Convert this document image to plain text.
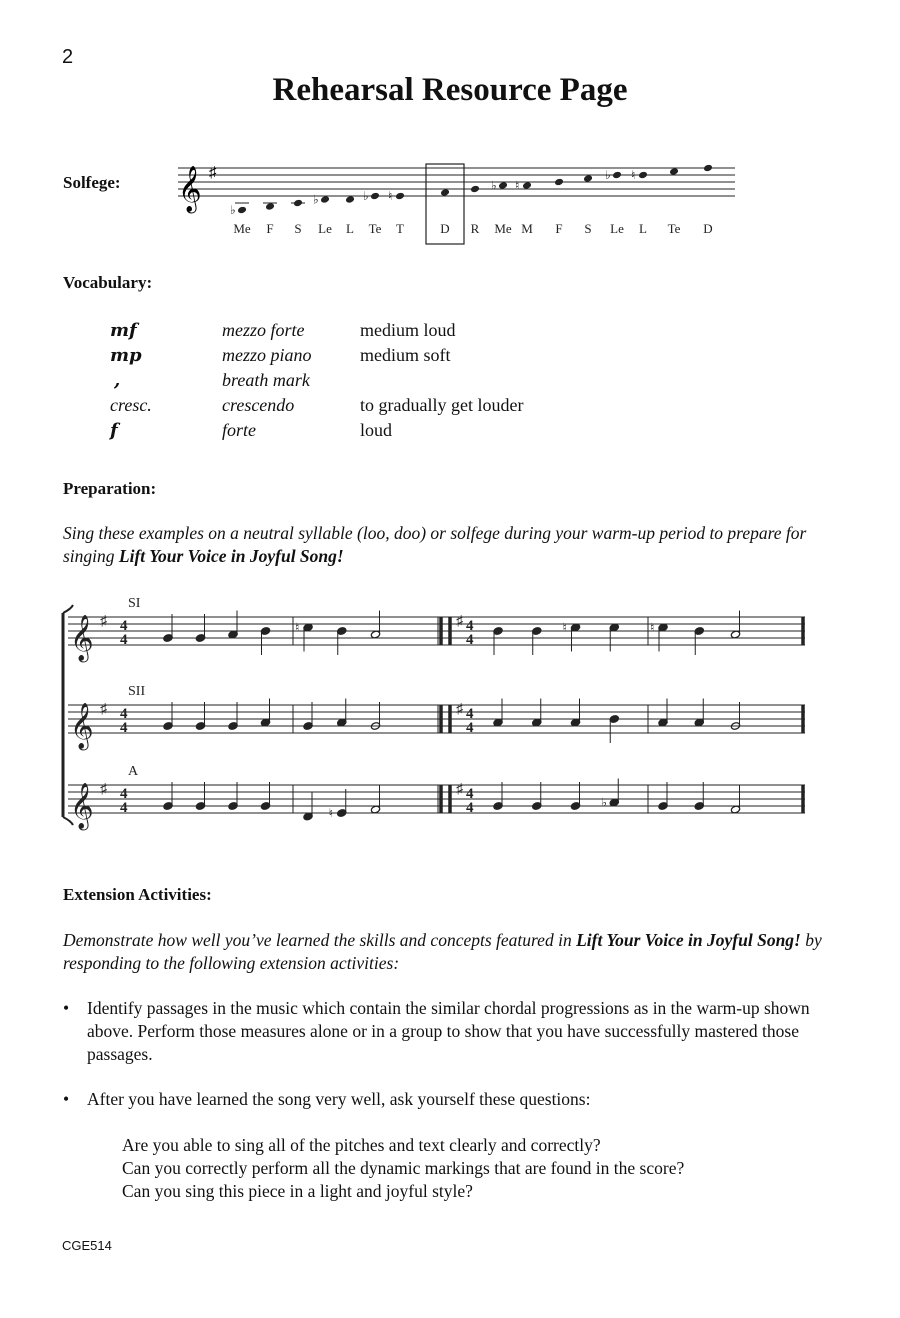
2
Rehearsal Resource Page
Solfege: 𝄞 ♯
♭
♭	♭ ♮
♭ ♮
♭ ♮
Me F S Le L Te T	D R Me M F S Le L Te D
Vocabulary:
mf	mezzo forte	medium loud
mp	mezzo piano	medium soft
,	breath mark
cresc.	crescendo	to gradually get louder
f	forte	loud
Preparation:
Sing these examples on a neutral syllable (loo, doo) or solfege during your warm-up period to prepare for singing Lift Your Voice in Joyful Song!
SI
𝄞 ♯ 4
4
♯ 4
4
♮	♮	♮
SII
𝄞 ♯ 4
4
♯ 4
4
A
𝄞 ♯ 4
4
♯ 4
4
♮
♭
Extension Activities:
Demonstrate how well you’ve learned the skills and concepts featured in Lift Your Voice in Joyful Song! by responding to the following extension activities:
• Identify passages in the music which contain the similar chordal progressions as in the warm-up shown above. Perform those measures alone or in a group to show that you have successfully mastered those passages.
• After you have learned the song very well, ask yourself these questions:
Are you able to sing all of the pitches and text clearly and correctly?
Can you correctly perform all the dynamic markings that are found in the score?
Can you sing this piece in a light and joyful style?
CGE514
